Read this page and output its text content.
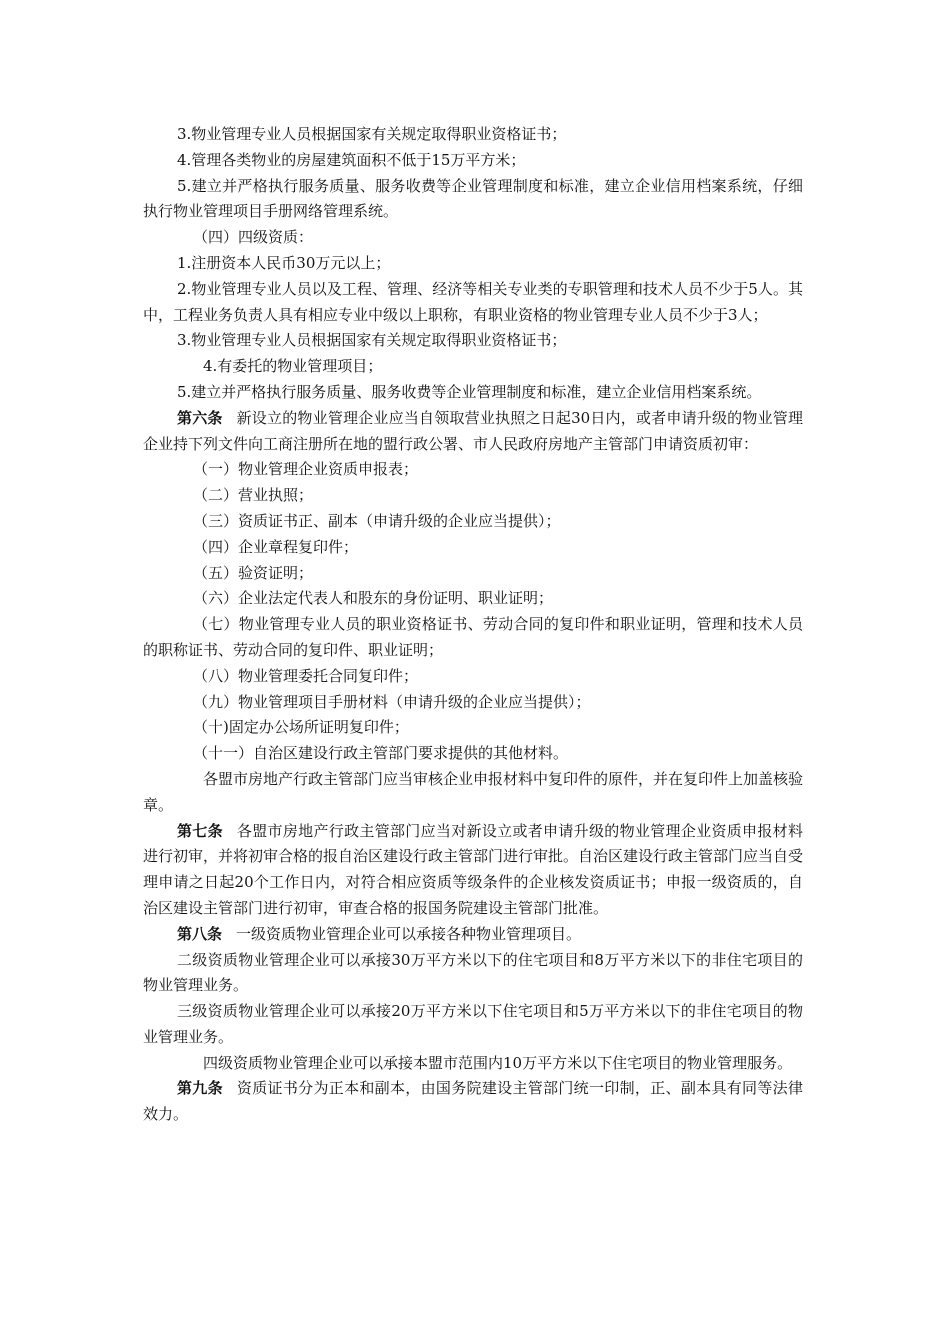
3.物业管理专业人员根据国家有关规定取得职业资格证书；

4.管理各类物业的房屋建筑面积不低于15万平方米；

5.建立并严格执行服务质量、服务收费等企业管理制度和标准，建立企业信用档案系统，仔细执行物业管理项目手册网络管理系统。

（四）四级资质：

1.注册资本人民币30万元以上；

2.物业管理专业人员以及工程、管理、经济等相关专业类的专职管理和技术人员不少于5人。其中，工程业务负责人具有相应专业中级以上职称，有职业资格的物业管理专业人员不少于3人；

3.物业管理专业人员根据国家有关规定取得职业资格证书；

4.有委托的物业管理项目；

5.建立并严格执行服务质量、服务收费等企业管理制度和标准，建立企业信用档案系统。

第六条 新设立的物业管理企业应当自领取营业执照之日起30日内，或者申请升级的物业管理企业持下列文件向工商注册所在地的盟行政公署、市人民政府房地产主管部门申请资质初审：

（一）物业管理企业资质申报表；

（二）营业执照；

（三）资质证书正、副本（申请升级的企业应当提供）；

（四）企业章程复印件；

（五）验资证明；

（六）企业法定代表人和股东的身份证明、职业证明；

（七）物业管理专业人员的职业资格证书、劳动合同的复印件和职业证明，管理和技术人员的职称证书、劳动合同的复印件、职业证明；

（八）物业管理委托合同复印件；

（九）物业管理项目手册材料（申请升级的企业应当提供）；

（十)固定办公场所证明复印件；

（十一）自治区建设行政主管部门要求提供的其他材料。

各盟市房地产行政主管部门应当审核企业申报材料中复印件的原件，并在复印件上加盖核验章。

第七条 各盟市房地产行政主管部门应当对新设立或者申请升级的物业管理企业资质申报材料进行初审，并将初审合格的报自治区建设行政主管部门进行审批。自治区建设行政主管部门应当自受理申请之日起20个工作日内，对符合相应资质等级条件的企业核发资质证书；申报一级资质的，自治区建设主管部门进行初审，审查合格的报国务院建设主管部门批准。

第八条 一级资质物业管理企业可以承接各种物业管理项目。

二级资质物业管理企业可以承接30万平方米以下的住宅项目和8万平方米以下的非住宅项目的物业管理业务。

三级资质物业管理企业可以承接20万平方米以下住宅项目和5万平方米以下的非住宅项目的物业管理业务。

四级资质物业管理企业可以承接本盟市范围内10万平方米以下住宅项目的物业管理服务。

第九条 资质证书分为正本和副本，由国务院建设主管部门统一印制，正、副本具有同等法律效力。
